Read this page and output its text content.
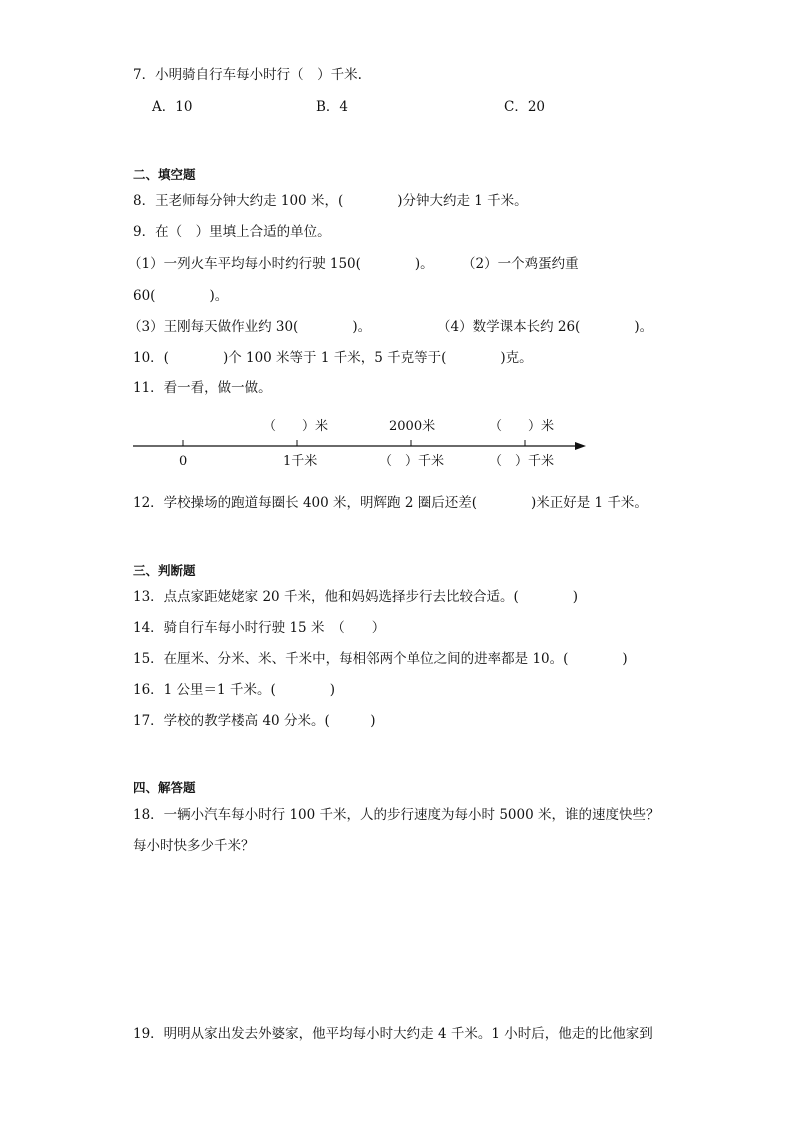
7．小明骑自行车每小时行（　）千米.
A．10	B．4	C．20
二、填空题
8．王老师每分钟大约走 100 米，(　　　　)分钟大约走 1 千米。
9．在（　）里填上合适的单位。
（1）一列火车平均每小时约行驶 150(　　　　)。 （2）一个鸡蛋约重
60(　　　　)。
（3）王刚每天做作业约 30(　　　　)。	（4）数学课本长约 26(　　　　)。
10．(　　　　)个 100 米等于 1 千米，5 千克等于(　　　　)克。
11．看一看，做一做。
（　　）米	2000米	（　　）米
0	1千米	（　）千米	（　）千米
12．学校操场的跑道每圈长 400 米，明辉跑 2 圈后还差(　　　　)米正好是 1 千米。
三、判断题
13．点点家距姥姥家 20 千米，他和妈妈选择步行去比较合适。(　　　　)
14．骑自行车每小时行驶 15 米　（　　）
15．在厘米、分米、米、千米中，每相邻两个单位之间的进率都是 10。(　　　　)
16．1 公里＝1 千米。(　　　　)
17．学校的教学楼高 40 分米。(　　　)
四、解答题
18．一辆小汽车每小时行 100 千米，人的步行速度为每小时 5000 米，谁的速度快些？
每小时快多少千米？
19．明明从家出发去外婆家，他平均每小时大约走 4 千米。1 小时后，他走的比他家到
